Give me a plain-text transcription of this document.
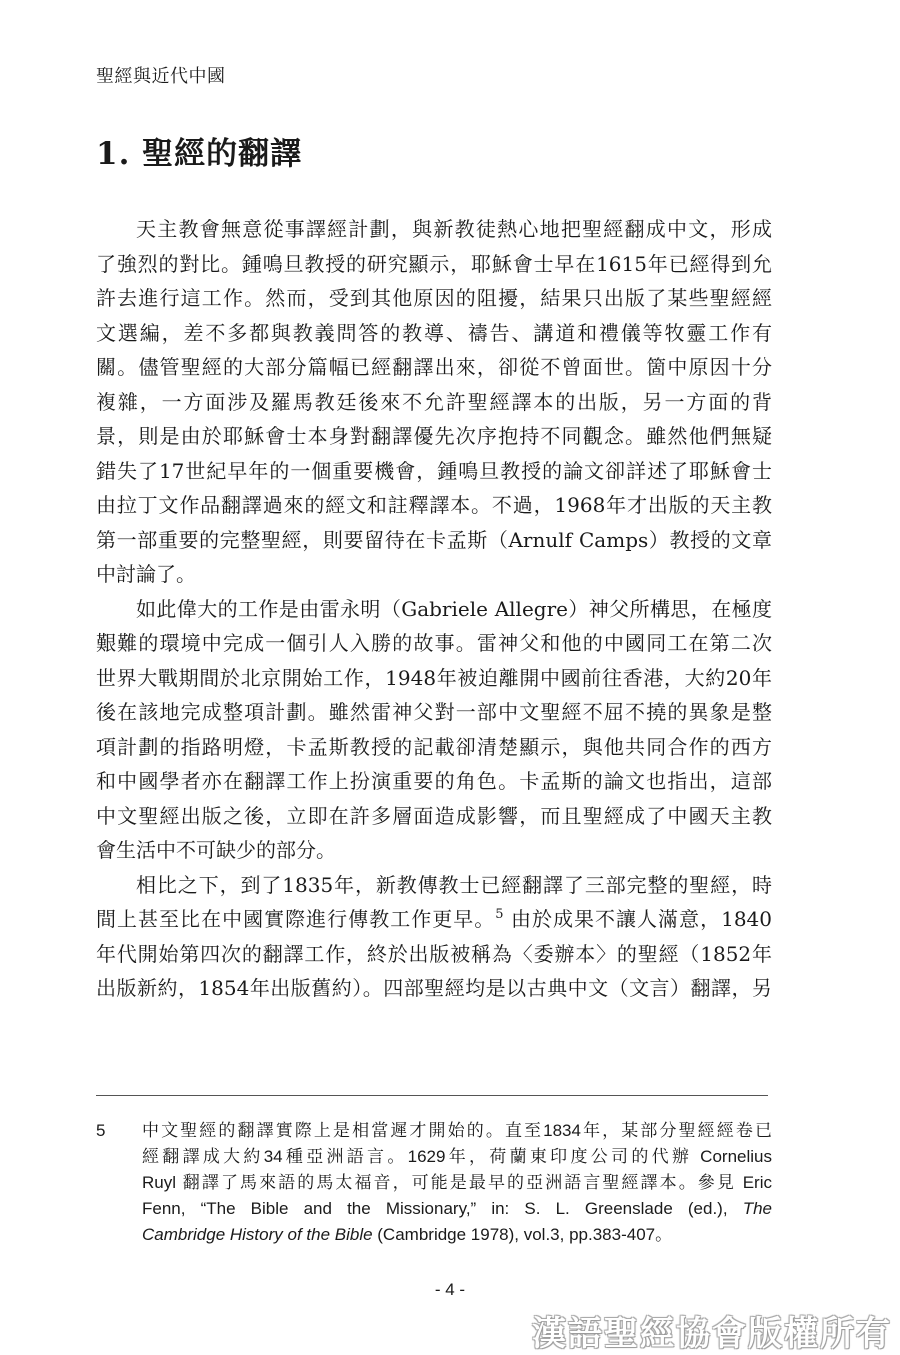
聖經與近代中國
1. 聖經的翻譯

天主教會無意從事譯經計劃，與新教徒熱心地把聖經翻成中文，形成
了強烈的對比。鍾鳴旦教授的研究顯示，耶穌會士早在1615年已經得到允
許去進行這工作。然而，受到其他原因的阻擾，結果只出版了某些聖經經
文選編，差不多都與教義問答的教導、禱告、講道和禮儀等牧靈工作有
關。儘管聖經的大部分篇幅已經翻譯出來，卻從不曾面世。箇中原因十分
複雜，一方面涉及羅馬教廷後來不允許聖經譯本的出版，另一方面的背
景，則是由於耶穌會士本身對翻譯優先次序抱持不同觀念。雖然他們無疑
錯失了17世紀早年的一個重要機會，鍾鳴旦教授的論文卻詳述了耶穌會士
由拉丁文作品翻譯過來的經文和註釋譯本。不過，1968年才出版的天主教
第一部重要的完整聖經，則要留待在卡孟斯（Arnulf Camps）教授的文章
中討論了。

如此偉大的工作是由雷永明（Gabriele Allegre）神父所構思，在極度
艱難的環境中完成一個引人入勝的故事。雷神父和他的中國同工在第二次
世界大戰期間於北京開始工作，1948年被迫離開中國前往香港，大約20年
後在該地完成整項計劃。雖然雷神父對一部中文聖經不屈不撓的異象是整
項計劃的指路明燈，卡孟斯教授的記載卻清楚顯示，與他共同合作的西方
和中國學者亦在翻譯工作上扮演重要的角色。卡孟斯的論文也指出，這部
中文聖經出版之後，立即在許多層面造成影響，而且聖經成了中國天主教
會生活中不可缺少的部分。

相比之下，到了1835年，新教傳教士已經翻譯了三部完整的聖經，時
間上甚至比在中國實際進行傳教工作更早。$^5$ 由於成果不讓人滿意，1840
年代開始第四次的翻譯工作，終於出版被稱為〈委辦本〉的聖經（1852年
出版新約，1854年出版舊約）。四部聖經均是以古典中文（文言）翻譯，另

5 中文聖經的翻譯實際上是相當遲才開始的。直至1834年，某部分聖經經卷已
經翻譯成大約34種亞洲語言。1629年，荷蘭東印度公司的代辦 Cornelius
Ruyl 翻譯了馬來語的馬太福音，可能是最早的亞洲語言聖經譯本。參見 Eric
Fenn, “The Bible and the Missionary,” in: S. L. Greenslade (ed.), The
Cambridge History of the Bible (Cambridge 1978), vol.3, pp.383-407。
- 4 -
漢語聖經協會版權所有
